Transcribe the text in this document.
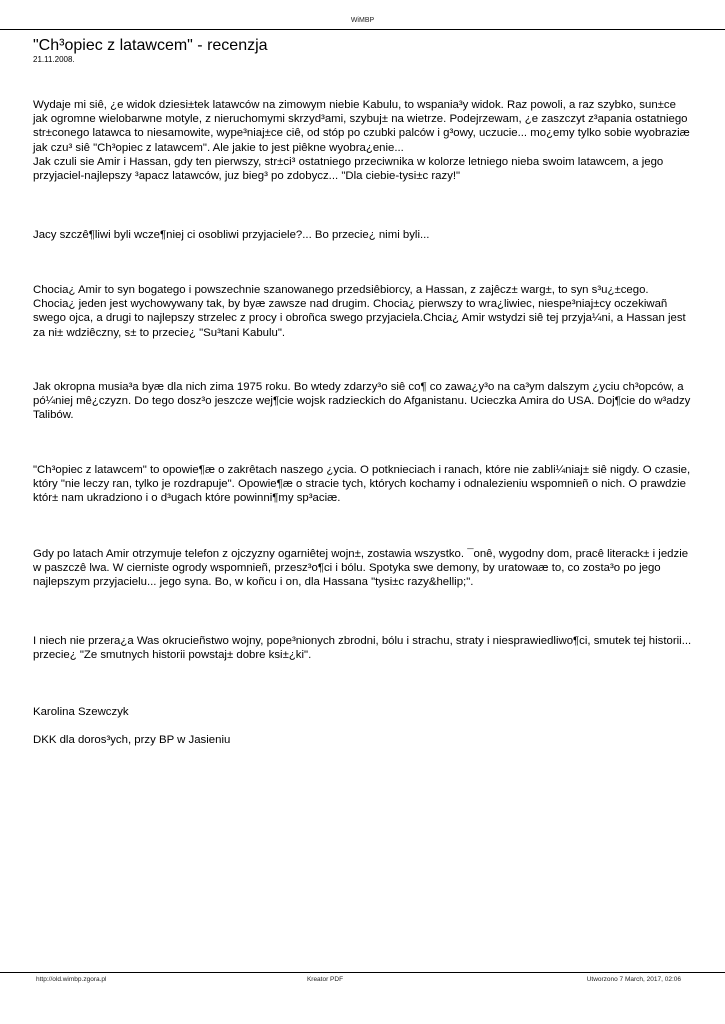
WiMBP
"Ch³opiec z latawcem" - recenzja
21.11.2008.

Wydaje mi siê, ¿e widok dziesi±tek latawców na zimowym niebie Kabulu, to wspania³y widok. Raz powoli, a raz szybko, sun±ce jak ogromne wielobarwne motyle, z nieruchomymi skrzyd³ami, szybuj± na wietrze. Podejrzewam, ¿e zaszczyt z³apania ostatniego str±conego latawca to niesamowite, wype³niaj±ce ciê, od stóp po czubki palców i g³owy, uczucie... mo¿emy tylko sobie wyobraziæ jak czu³ siê "Ch³opiec z latawcem". Ale jakie to jest piêkne wyobra¿enie...

Jak czuli sie Amir i Hassan, gdy ten pierwszy, str±ci³ ostatniego przeciwnika w kolorze letniego nieba swoim latawcem, a jego przyjaciel-najlepszy ³apacz latawców, juz bieg³ po zdobycz... "Dla ciebie-tysi±c razy!"

Jacy szczê¶liwi byli wcze¶niej ci osobliwi przyjaciele?... Bo przecie¿ nimi byli...

Chocia¿ Amir to syn bogatego i powszechnie szanowanego przedsiêbiorcy, a Hassan, z zajêcz± warg±, to syn s³u¿±cego. Chocia¿ jeden jest wychowywany tak, by byæ zawsze nad drugim. Chocia¿ pierwszy to wra¿liwiec, niespe³niaj±cy oczekiwañ swego ojca, a drugi to najlepszy strzelec z procy i obroñca swego przyjaciela.Chcia¿ Amir wstydzi siê tej przyja¼ni, a Hassan jest za ni± wdziêczny, s± to przecie¿ "Su³tani Kabulu".

Jak okropna musia³a byæ dla nich zima 1975 roku. Bo wtedy zdarzy³o siê co¶ co zawa¿y³o na ca³ym dalszym ¿yciu ch³opców, a pó¼niej mê¿czyzn. Do tego dosz³o jeszcze wej¶cie wojsk radzieckich do Afganistanu. Ucieczka Amira do USA. Doj¶cie do w³adzy Talibów.

"Ch³opiec z latawcem" to opowie¶æ o zakrêtach naszego ¿ycia. O potknieciach i ranach, które nie zabli¼niaj± siê nigdy. O czasie, który "nie leczy ran, tylko je rozdrapuje". Opowie¶æ o stracie tych, których kochamy i odnalezieniu wspomnieñ o nich. O prawdzie któr± nam ukradziono i o d³ugach które powinni¶my sp³aciæ.

Gdy po latach Amir otrzymuje telefon z ojczyzny ogarniêtej wojn±, zostawia wszystko. ¯onê, wygodny dom, pracê literack± i jedzie w paszczê lwa. W cierniste ogrody wspomnieñ, przesz³o¶ci i bólu. Spotyka swe demony, by uratowaæ to, co zosta³o po jego najlepszym przyjacielu... jego syna. Bo, w koñcu i on, dla Hassana "tysi±c razy&hellip;".

I niech nie przera¿a Was okrucieñstwo wojny, pope³nionych zbrodni, bólu i strachu, straty i niesprawiedliwo¶ci, smutek tej historii... przecie¿ "Ze smutnych historii powstaj± dobre ksi±¿ki".

Karolina Szewczyk

DKK dla doros³ych, przy BP w Jasieniu

http://old.wimbp.zgora.pl	Kreator PDF	Utworzono 7 March, 2017, 02:06
